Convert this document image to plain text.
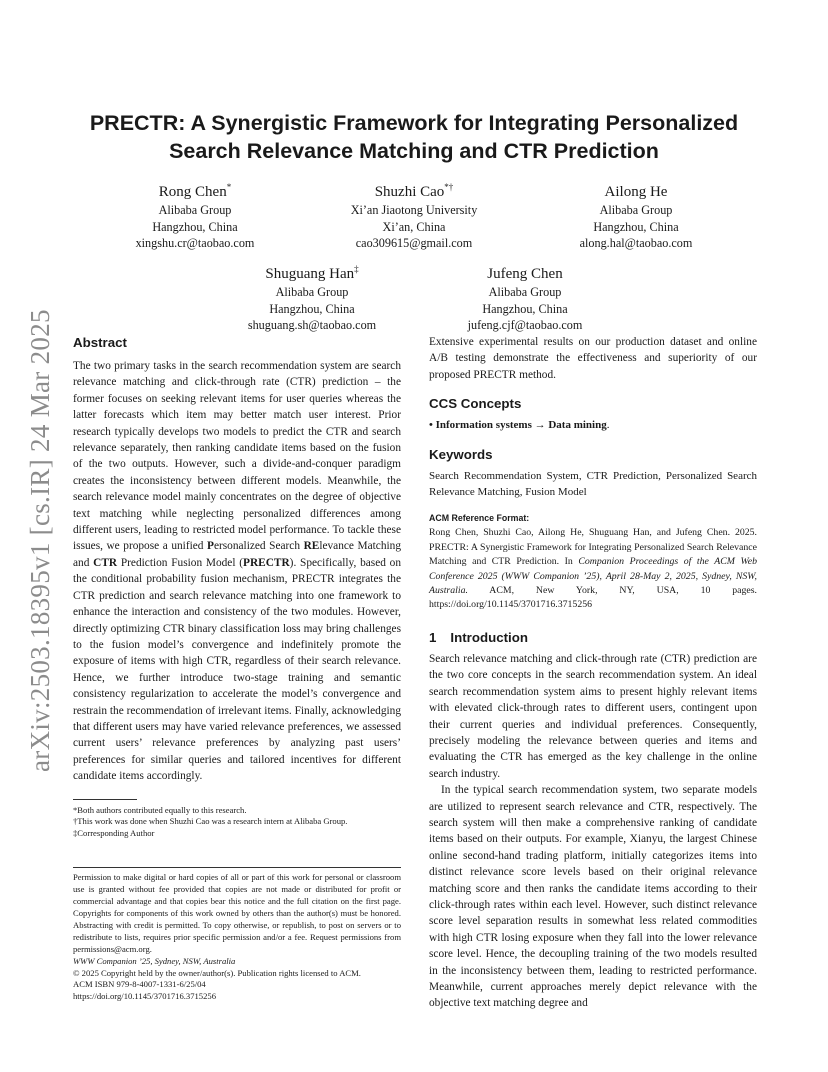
arXiv:2503.18395v1 [cs.IR] 24 Mar 2025
PRECTR: A Synergistic Framework for Integrating Personalized
Search Relevance Matching and CTR Prediction
Rong Chen*
Alibaba Group
Hangzhou, China
xingshu.cr@taobao.com
Shuzhi Cao*†
Xi’an Jiaotong University
Xi’an, China
cao309615@gmail.com
Ailong He
Alibaba Group
Hangzhou, China
along.hal@taobao.com
Shuguang Han‡
Alibaba Group
Hangzhou, China
shuguang.sh@taobao.com
Jufeng Chen
Alibaba Group
Hangzhou, China
jufeng.cjf@taobao.com
Abstract

The two primary tasks in the search recommendation system are search relevance matching and click-through rate (CTR) prediction – the former focuses on seeking relevant items for user queries whereas the latter forecasts which item may better match user interest. Prior research typically develops two models to predict the CTR and search relevance separately, then ranking candidate items based on the fusion of the two outputs. However, such a divide-and-conquer paradigm creates the inconsistency between different models. Meanwhile, the search relevance model mainly concentrates on the degree of objective text matching while neglecting personalized differences among different users, leading to restricted model performance. To tackle these issues, we propose a unified Personalized Search RElevance Matching and CTR Prediction Fusion Model (PRECTR). Specifically, based on the conditional probability fusion mechanism, PRECTR integrates the CTR prediction and search relevance matching into one framework to enhance the interaction and consistency of the two modules. However, directly optimizing CTR binary classification loss may bring challenges to the fusion model’s convergence and indefinitely promote the exposure of items with high CTR, regardless of their search relevance. Hence, we further introduce two-stage training and semantic consistency regularization to accelerate the model’s convergence and restrain the recommendation of irrelevant items. Finally, acknowledging that different users may have varied relevance preferences, we assessed current users’ relevance preferences by analyzing past users’ preferences for similar queries and tailored incentives for different candidate items accordingly.

*Both authors contributed equally to this research.

†This work was done when Shuzhi Cao was a research intern at Alibaba Group.

‡Corresponding Author

Permission to make digital or hard copies of all or part of this work for personal or classroom use is granted without fee provided that copies are not made or distributed for profit or commercial advantage and that copies bear this notice and the full citation on the first page. Copyrights for components of this work owned by others than the author(s) must be honored. Abstracting with credit is permitted. To copy otherwise, or republish, to post on servers or to redistribute to lists, requires prior specific permission and/or a fee. Request permissions from permissions@acm.org.

WWW Companion ’25, Sydney, NSW, Australia

© 2025 Copyright held by the owner/author(s). Publication rights licensed to ACM.

ACM ISBN 979-8-4007-1331-6/25/04

https://doi.org/10.1145/3701716.3715256

Extensive experimental results on our production dataset and online A/B testing demonstrate the effectiveness and superiority of our proposed PRECTR method.

CCS Concepts

• Information systems → Data mining.

Keywords

Search Recommendation System, CTR Prediction, Personalized Search Relevance Matching, Fusion Model

ACM Reference Format:

Rong Chen, Shuzhi Cao, Ailong He, Shuguang Han, and Jufeng Chen. 2025. PRECTR: A Synergistic Framework for Integrating Personalized Search Relevance Matching and CTR Prediction. In Companion Proceedings of the ACM Web Conference 2025 (WWW Companion ’25), April 28-May 2, 2025, Sydney, NSW, Australia. ACM, New York, NY, USA, 10 pages. https://doi.org/10.1145/3701716.3715256

1 Introduction

Search relevance matching and click-through rate (CTR) prediction are the two core concepts in the search recommendation system. An ideal search recommendation system aims to present highly relevant items with elevated click-through rates to different users, contingent upon their current queries and individual preferences. Consequently, precisely modeling the relevance between queries and items and evaluating the CTR has emerged as the key challenge in the online search industry.

In the typical search recommendation system, two separate models are utilized to represent search relevance and CTR, respectively. The search system will then make a comprehensive ranking of candidate items based on their outputs. For example, Xianyu, the largest Chinese online second-hand trading platform, initially categorizes items into distinct relevance score levels based on their original relevance matching score and then ranks the candidate items according to their click-through rates within each level. However, such distinct relevance score level separation results in somewhat less related commodities with high CTR losing exposure when they fall into the lower relevance score level. Hence, the decoupling training of the two models resulted in the inconsistency between them, leading to restricted performance. Meanwhile, current approaches merely depict relevance with the objective text matching degree and
